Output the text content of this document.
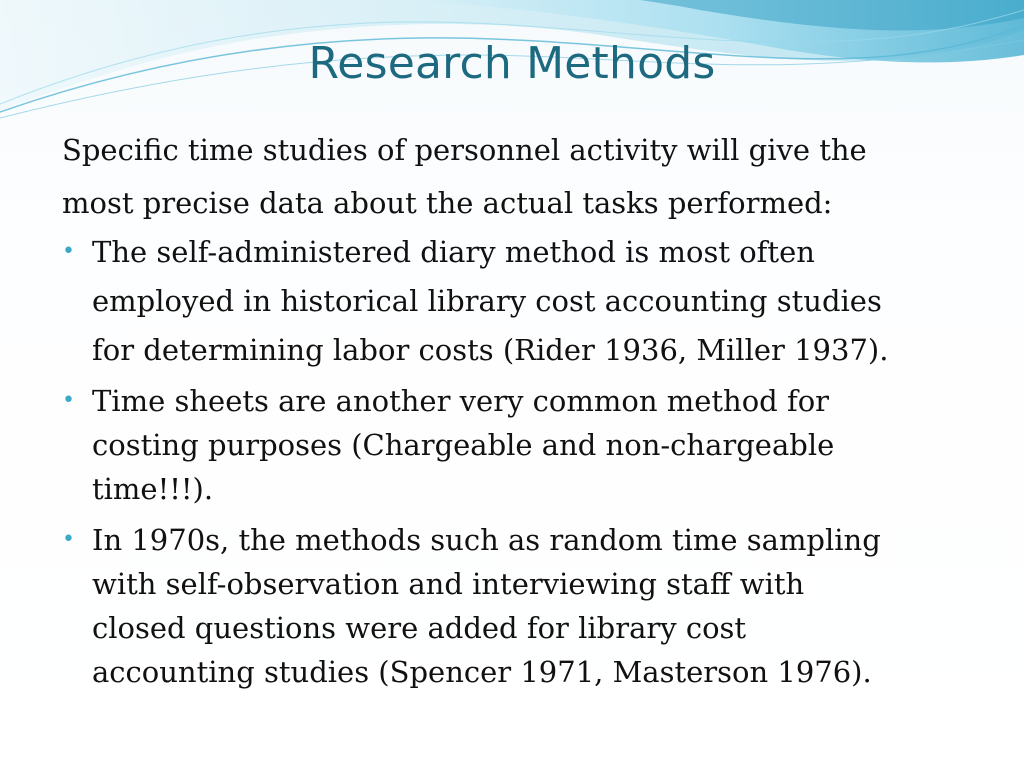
Research Methods

Specific time studies of personnel activity will give the

most precise data about the actual tasks performed:

• The self-administered diary method is most often
employed in historical library cost accounting studies
for determining labor costs (Rider 1936, Miller 1937).
• Time sheets are another very common method for
costing purposes (Chargeable and non-chargeable
time!!!).
• In 1970s, the methods such as random time sampling
with self-observation and interviewing staff with
closed questions were added for library cost
accounting studies (Spencer 1971, Masterson 1976).
